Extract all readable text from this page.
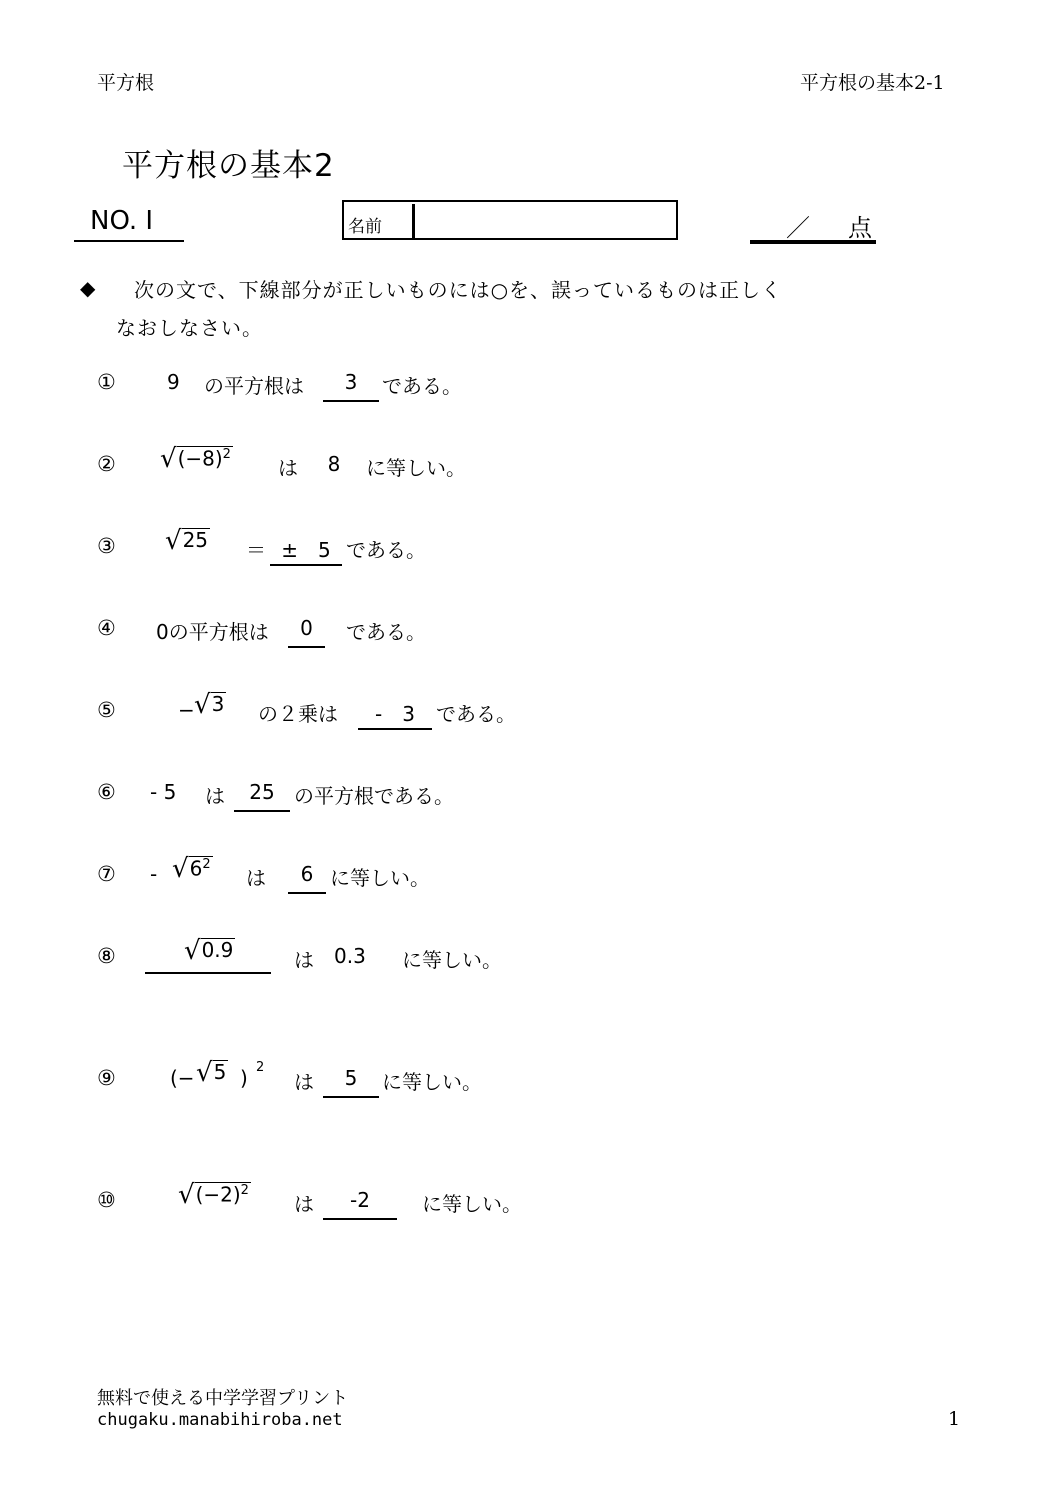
平方根	平方根の基本2-1
平方根の基本2
NO. I	名前	／ 点
◆ 次の文で、下線部分が正しいものには○を、誤っているものは正しく
なおしなさい。
①	9 の平方根は	3	である。
② √ $(-8)^2$
は	8	に等しい。
③ √ 25 ＝ ±　5 である。
④ 0の平方根は	0	である。
⑤	− √ 3 の２乗は	-　3	である。
⑥ - 5 は	25 の平方根である。
⑦ - √ $6^2$
は	6 に等しい。
⑧	√ 0.9	は 0.3 に等しい。
⑨	(− √ 5 ) 2
は	5	に等しい。
⑩ √ $(-2)^2$
は	-2	に等しい。
無料で使える中学学習プリント
chugaku.manabihiroba.net	1
